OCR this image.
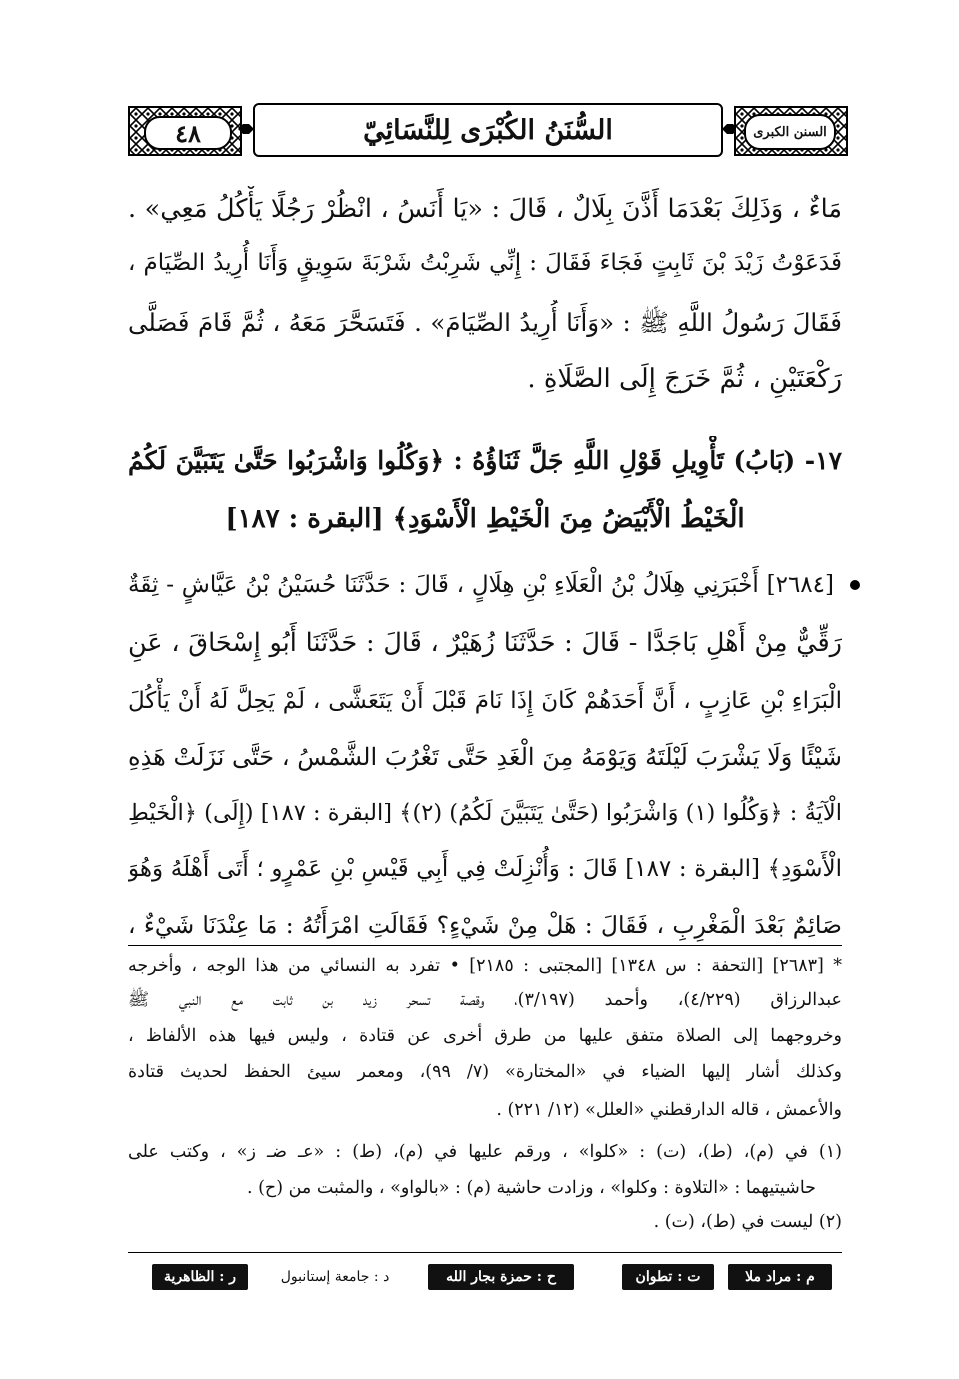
٤٨	السُّنَنُ الكُبْرَى لِلنَّسَائِيّ	السنن الكبرى
مَاءٌ ، وَذَلِكَ بَعْدَمَا أَذَّنَ بِلَالٌ ، قَالَ : «يَا أَنَسُ ، انْظُرْ رَجُلًا يَأْكُلُ مَعِي» .
فَدَعَوْتُ زَيْدَ بْنَ ثَابِتٍ فَجَاءَ فَقَالَ : إِنِّي شَرِبْتُ شَرْبَةَ سَوِيقٍ وَأَنَا أُرِيدُ الصِّيَامَ ،
فَقَالَ رَسُولُ اللَّهِ ﷺ : «وَأَنَا أُرِيدُ الصِّيَامَ» . فَتَسَحَّرَ مَعَهُ ، ثُمَّ قَامَ فَصَلَّى
رَكْعَتَيْنِ ، ثُمَّ خَرَجَ إِلَى الصَّلَاةِ .
١٧- (بَابُ) تَأْوِيلِ قَوْلِ اللَّهِ جَلَّ ثَنَاؤُهُ : ﴿وَكُلُوا وَاشْرَبُوا حَتَّىٰ يَتَبَيَّنَ لَكُمُ
الْخَيْطُ الْأَبْيَضُ مِنَ الْخَيْطِ الْأَسْوَدِ﴾ [البقرة : ١٨٧]
[٢٦٨٤] أَخْبَرَنِي هِلَالُ بْنُ الْعَلَاءِ بْنِ هِلَالٍ ، قَالَ : حَدَّثَنَا حُسَيْنُ بْنُ عَيَّاشٍ - ثِقَةٌ
رَقِّيٌّ مِنْ أَهْلِ بَاجَدَّا - قَالَ : حَدَّثَنَا زُهَيْرٌ ، قَالَ : حَدَّثَنَا أَبُو إِسْحَاقَ ، عَنِ
الْبَرَاءِ بْنِ عَازِبٍ ، أَنَّ أَحَدَهُمْ كَانَ إِذَا نَامَ قَبْلَ أَنْ يَتَعَشَّى ، لَمْ يَحِلَّ لَهُ أَنْ يَأْكُلَ
شَيْئًا وَلَا يَشْرَبَ لَيْلَتَهُ وَيَوْمَهُ مِنَ الْغَدِ حَتَّى تَغْرُبَ الشَّمْسُ ، حَتَّى نَزَلَتْ هَذِهِ
الْآيَةُ : ﴿وَكُلُوا (١) وَاشْرَبُوا (حَتَّىٰ يَتَبَيَّنَ لَكُمُ) (٢)﴾ [البقرة : ١٨٧] (إِلَى) ﴿الْخَيْطِ
الْأَسْوَدِ﴾ [البقرة : ١٨٧] قَالَ : وَأُنْزِلَتْ فِي أَبِي قَيْسِ بْنِ عَمْرٍو ؛ أَتَى أَهْلَهُ وَهُوَ
صَائِمٌ بَعْدَ الْمَغْرِبِ ، فَقَالَ : هَلْ مِنْ شَيْءٍ؟ فَقَالَتِ امْرَأَتُهُ : مَا عِنْدَنَا شَيْءٌ ،
* [٢٦٨٣] [التحفة : س ١٣٤٨] [المجتبى : ٢١٨٥] • تفرد به النسائي من هذا الوجه ، وأخرجه
عبدالرزاق (٤/٢٢٩)، وأحمد (٣/١٩٧)، وقصة تسحر زيد بن ثابت مع النبي ﷺ
وخروجهما إلى الصلاة متفق عليها من طرق أخرى عن قتادة ، وليس فيها هذه الألفاظ ،
وكذلك أشار إليها الضياء في «المختارة» (٧/ ٩٩)، ومعمر سيئ الحفظ لحديث قتادة
والأعمش ، قاله الدارقطني «العلل» (١٢/ ٢٢١) .
(١) في (م)، (ط)، (ت) : «كلوا» ، ورقم عليها في (م)، (ط) : «عـ ضـ ز» ، وكتب على
حاشيتيهما : «التلاوة : وكلوا» ، وزادت حاشية (م) : «بالواو» ، والمثبت من (ح) .
(٢) ليست في (ط)، (ت) .
م : مراد ملا
ت : تطوان
ح : حمزة بجار الله
د : جامعة إستانبول
ر : الظاهرية
